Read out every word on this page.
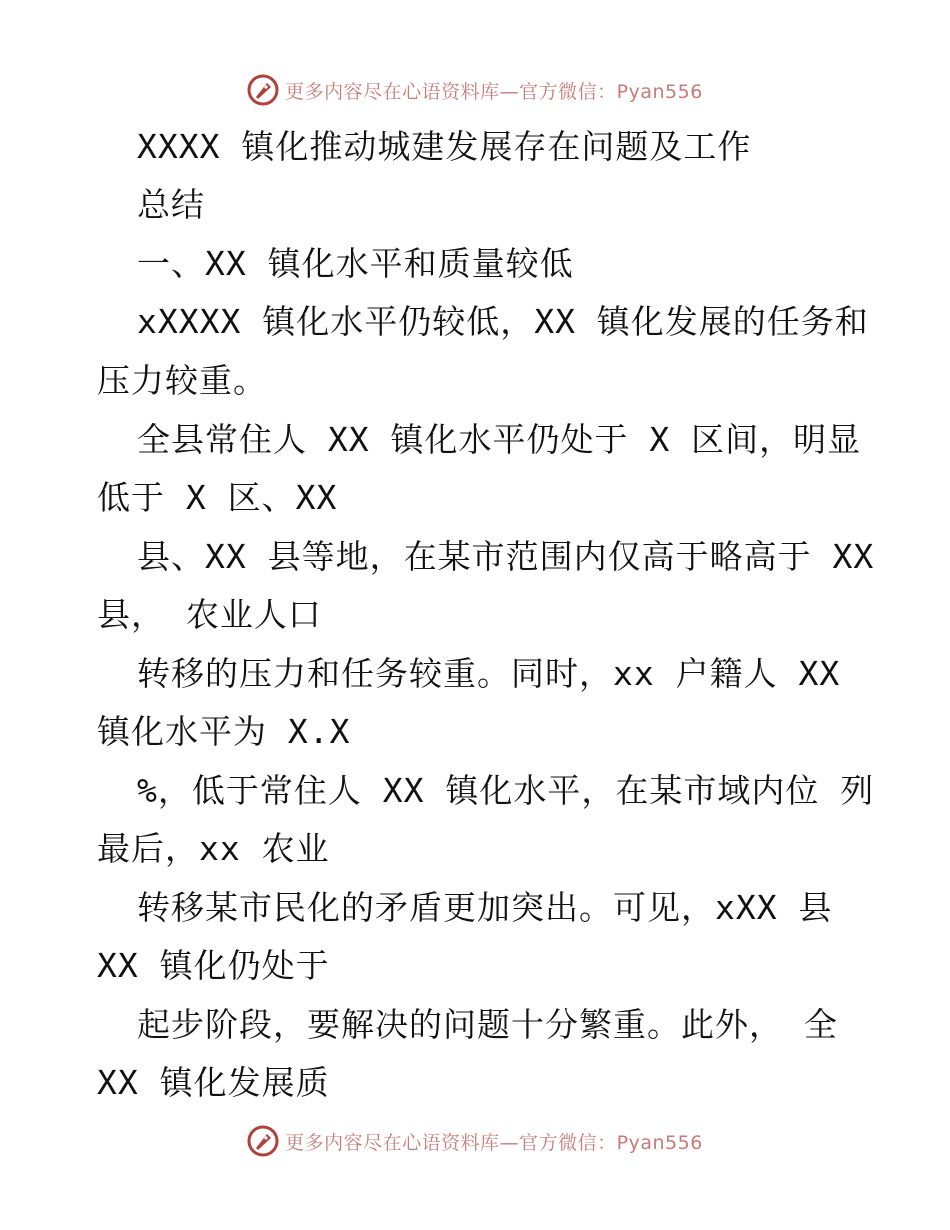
更多内容尽在心语资料库—官方微信：Pyan556
XXXX 镇化推动城建发展存在问题及工作
总结
一、XX 镇化水平和质量较低
xXXXX 镇化水平仍较低，XX 镇化发展的任务和
压力较重。
全县常住人 XX 镇化水平仍处于 X 区间，明显
低于 X 区、XX
县、XX 县等地，在某市范围内仅高于略高于 XX
县， 农业人口
转移的压力和任务较重。同时，xx 户籍人 XX
镇化水平为 X.X
%，低于常住人 XX 镇化水平，在某市域内位 列
最后，xx 农业
转移某市民化的矛盾更加突出。可见，xXX 县
XX 镇化仍处于
起步阶段，要解决的问题十分繁重。此外， 全
XX 镇化发展质
更多内容尽在心语资料库—官方微信：Pyan556
